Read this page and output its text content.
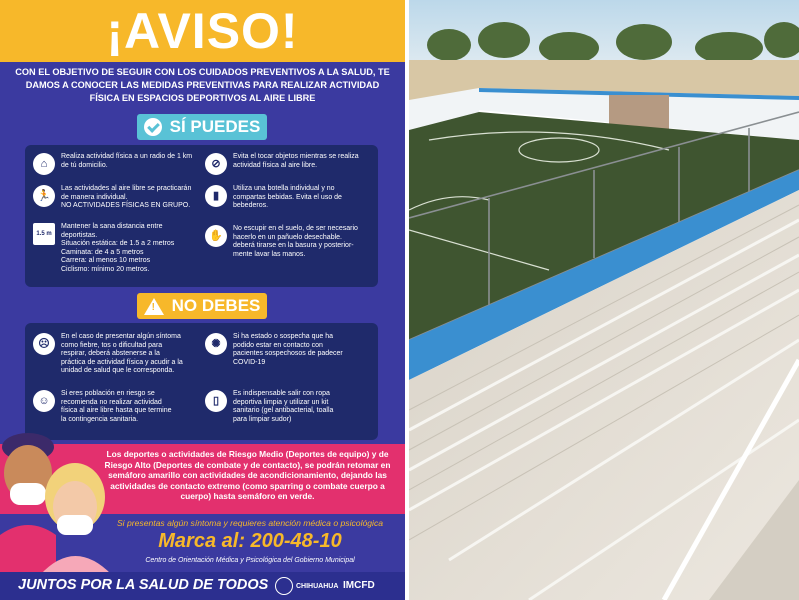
¡AVISO!
CON EL OBJETIVO DE SEGUIR CON LOS CUIDADOS PREVENTIVOS A LA SALUD, TE DAMOS A CONOCER LAS MEDIDAS PREVENTIVAS PARA REALIZAR ACTIVIDAD FÍSICA EN ESPACIOS DEPORTIVOS AL AIRE LIBRE
SÍ PUEDES
⌂
Realiza actividad física a un radio de 1 km
de tú domicilio.	⊘
Evita el tocar objetos mientras se realiza
actividad física al aire libre.
🏃
Las actividades al aire libre se practicarán
de manera individual.
NO ACTIVIDADES FÍSICAS EN GRUPO.
▮
Utiliza una botella individual y no
compartas bebidas. Evita el uso de
bebederos.
1.5 m
Mantener la sana distancia entre
deportistas.
Situación estática: de 1.5 a 2 metros
Caminata: de 4 a 5 metros
Carrera: al menos 10 metros
Ciclismo: mínimo 20 metros.
✋
No escupir en el suelo, de ser necesario
hacerlo en un pañuelo desechable.
deberá tirarse en la basura y posterior-
mente lavar las manos.
! NO DEBES
☹
En el caso de presentar algún síntoma
como fiebre, tos o dificultad para
respirar, deberá abstenerse a la
práctica de actividad física y acudir a la
unidad de salud que le corresponda.
✺
Si ha estado o sospecha que ha
podido estar en contacto con
pacientes sospechosos de padecer
COVID-19
☺
Si eres población en riesgo se
recomienda no realizar actividad
física al aire libre hasta que termine
la contingencia sanitaria.
▯
Es indispensable salir con ropa
deportiva limpia y utilizar un kit
sanitario (gel antibacterial, toalla
para limpiar sudor)
Los deportes o actividades de Riesgo Medio (Deportes de equipo) y de Riesgo Alto (Deportes de combate y de contacto), se podrán retomar en semáforo amarillo con actividades de acondicionamiento, dejando las actividades de contacto extremo (como sparring o combate cuerpo a cuerpo) hasta semáforo en verde.
Si presentas algún síntoma y requieres atención médica o psicológica
Marca al: 200-48-10
Centro de Orientación Médica y Psicológica del Gobierno Municipal
JUNTOS POR LA SALUD DE TODOS	CHIHUAHUA IMCFD
